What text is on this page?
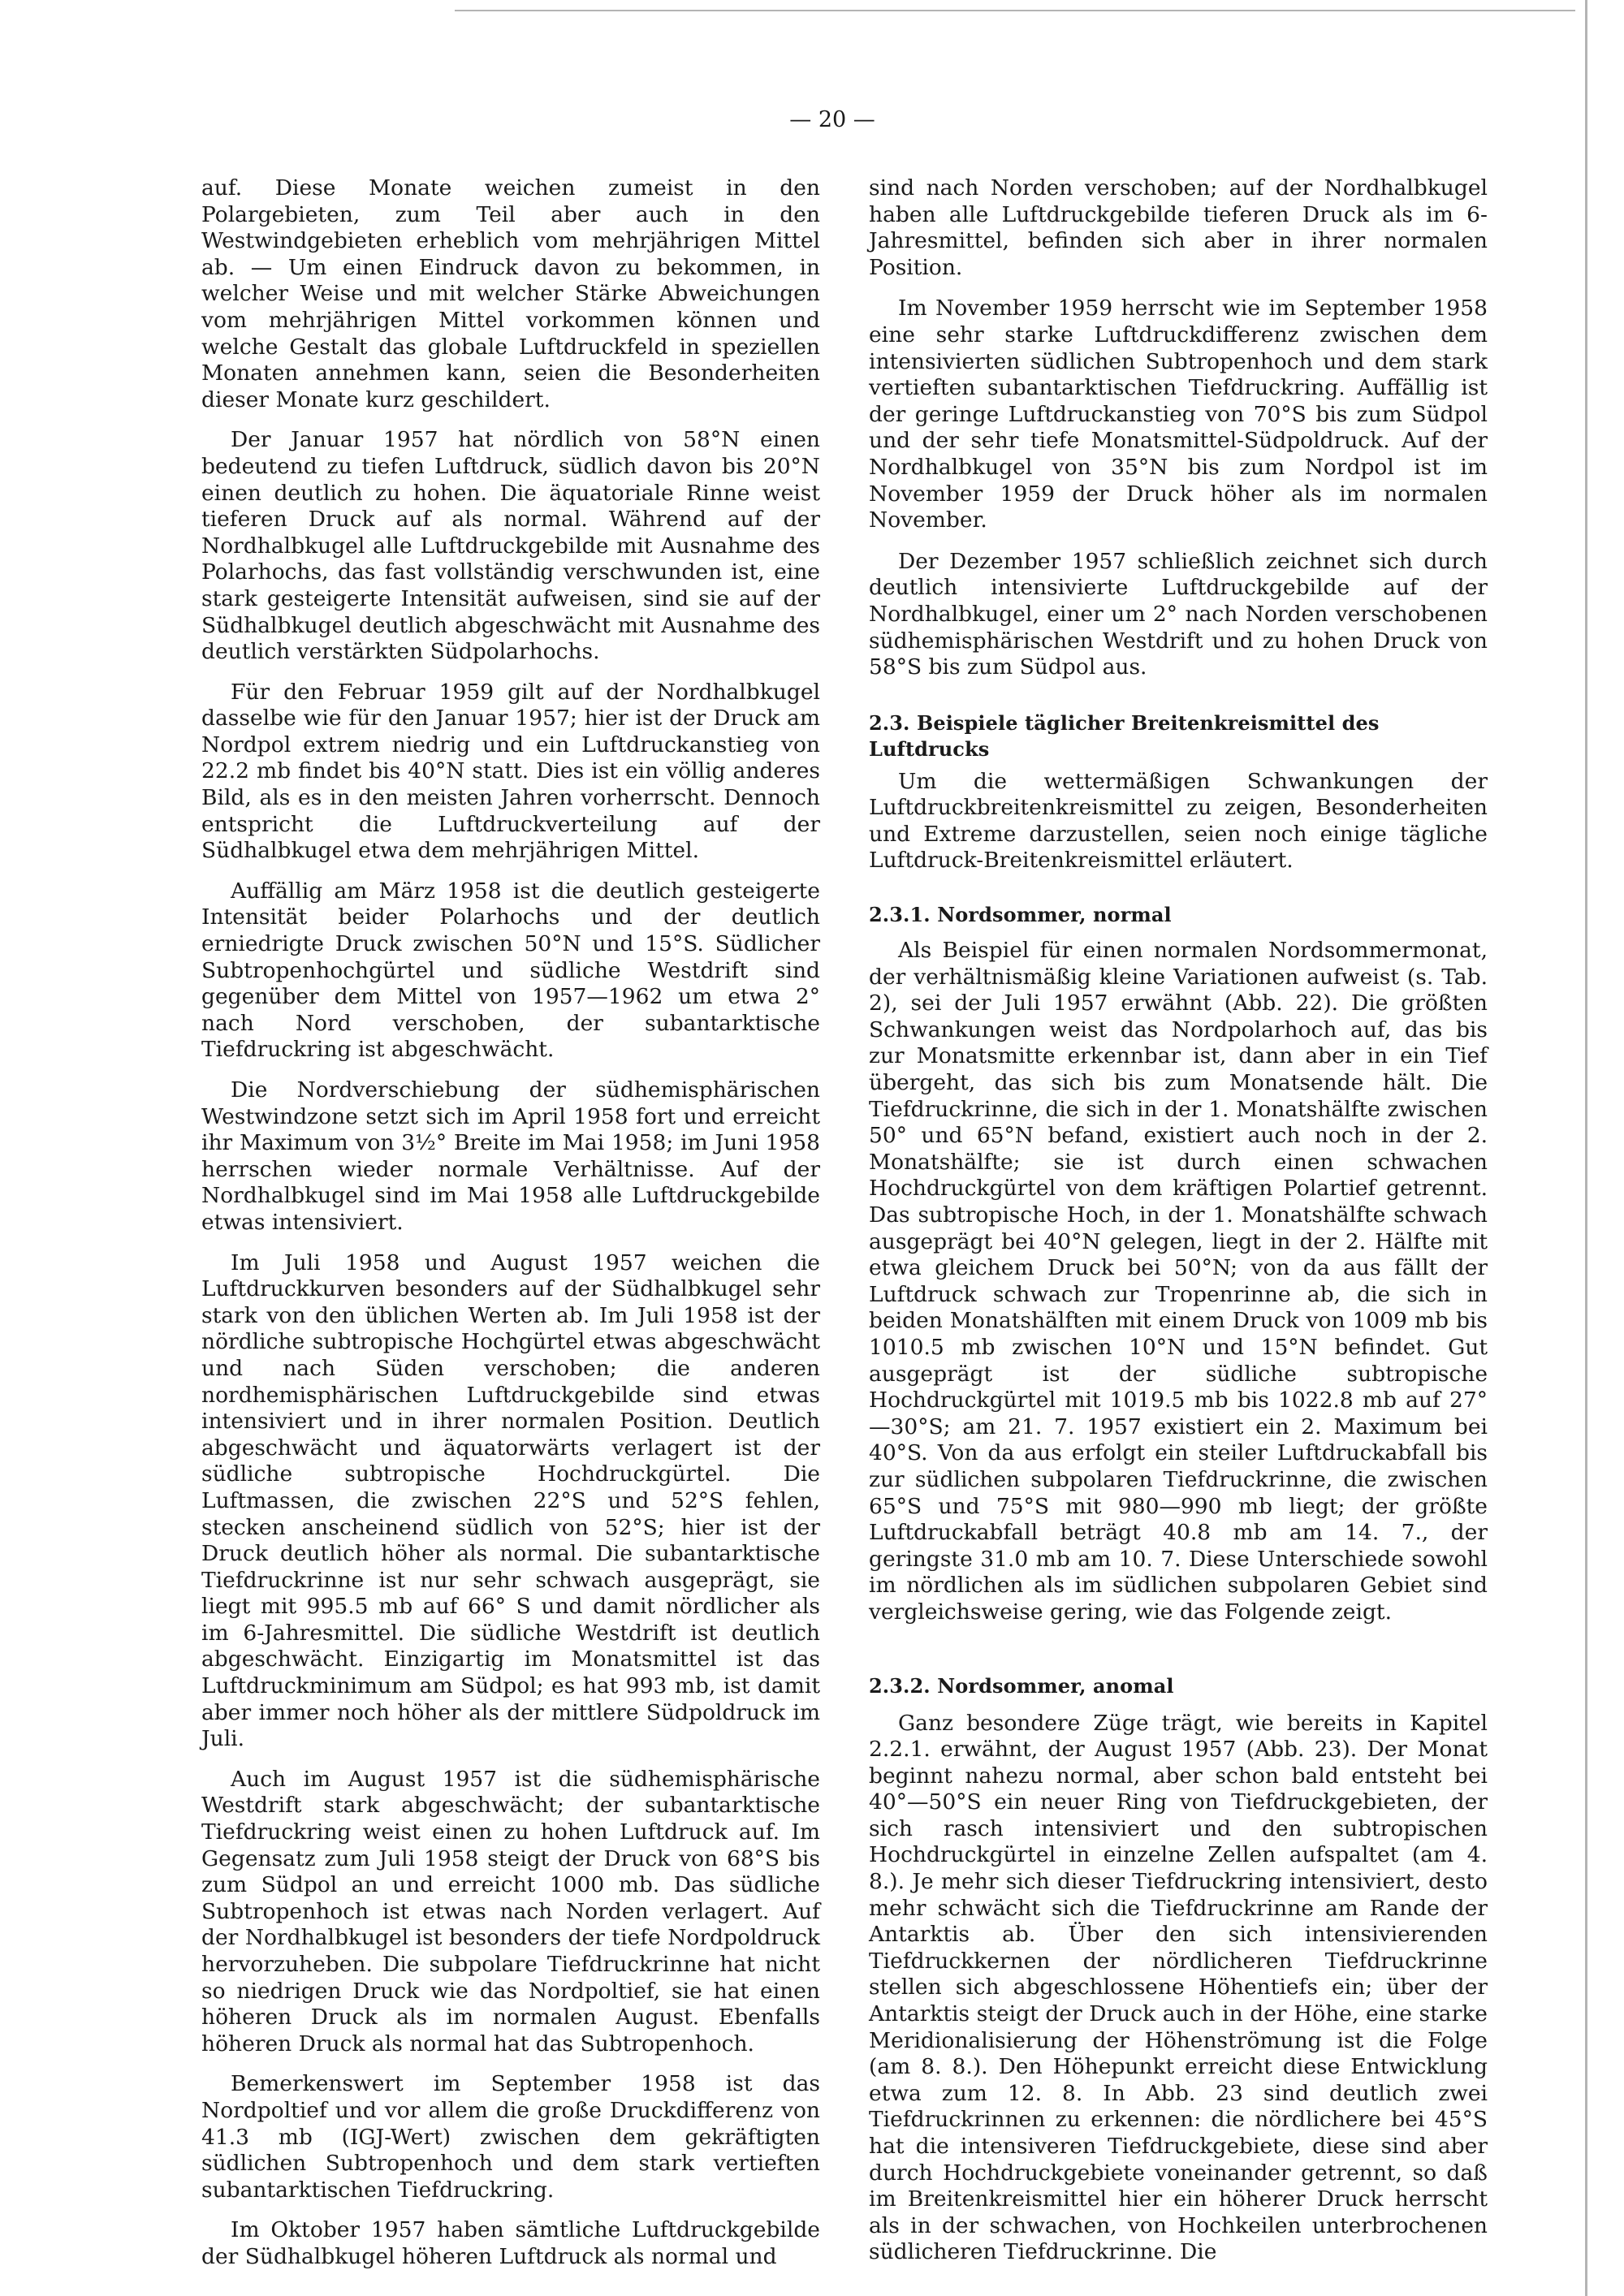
— 20 —

auf. Diese Monate weichen zumeist in den Polargebieten, zum Teil aber auch in den Westwindgebieten erheblich vom mehrjährigen Mittel ab. — Um einen Eindruck davon zu bekommen, in welcher Weise und mit welcher Stärke Abweichungen vom mehrjährigen Mittel vorkommen können und welche Gestalt das globale Luftdruckfeld in speziellen Monaten annehmen kann, seien die Besonderheiten dieser Monate kurz geschildert.

Der Januar 1957 hat nördlich von 58°N einen bedeutend zu tiefen Luftdruck, südlich davon bis 20°N einen deutlich zu hohen. Die äquatoriale Rinne weist tieferen Druck auf als normal. Während auf der Nordhalbkugel alle Luftdruckgebilde mit Ausnahme des Polarhochs, das fast vollständig verschwunden ist, eine stark gesteigerte Intensität aufweisen, sind sie auf der Südhalbkugel deutlich abgeschwächt mit Ausnahme des deutlich verstärkten Südpolarhochs.

Für den Februar 1959 gilt auf der Nordhalbkugel dasselbe wie für den Januar 1957; hier ist der Druck am Nordpol extrem niedrig und ein Luftdruckanstieg von 22.2 mb findet bis 40°N statt. Dies ist ein völlig anderes Bild, als es in den meisten Jahren vorherrscht. Dennoch entspricht die Luftdruckverteilung auf der Südhalbkugel etwa dem mehrjährigen Mittel.

Auffällig am März 1958 ist die deutlich gesteigerte Intensität beider Polarhochs und der deutlich erniedrigte Druck zwischen 50°N und 15°S. Südlicher Subtropenhochgürtel und südliche Westdrift sind gegenüber dem Mittel von 1957—1962 um etwa 2° nach Nord verschoben, der subantarktische Tiefdruckring ist abgeschwächt.

Die Nordverschiebung der südhemisphärischen Westwindzone setzt sich im April 1958 fort und erreicht ihr Maximum von 3½° Breite im Mai 1958; im Juni 1958 herrschen wieder normale Verhältnisse. Auf der Nordhalbkugel sind im Mai 1958 alle Luftdruckgebilde etwas intensiviert.

Im Juli 1958 und August 1957 weichen die Luftdruckkurven besonders auf der Südhalbkugel sehr stark von den üblichen Werten ab. Im Juli 1958 ist der nördliche subtropische Hochgürtel etwas abgeschwächt und nach Süden verschoben; die anderen nordhemisphärischen Luftdruckgebilde sind etwas intensiviert und in ihrer normalen Position. Deutlich abgeschwächt und äquatorwärts verlagert ist der südliche subtropische Hochdruckgürtel. Die Luftmassen, die zwischen 22°S und 52°S fehlen, stecken anscheinend südlich von 52°S; hier ist der Druck deutlich höher als normal. Die subantarktische Tiefdruckrinne ist nur sehr schwach ausgeprägt, sie liegt mit 995.5 mb auf 66° S und damit nördlicher als im 6-Jahresmittel. Die südliche Westdrift ist deutlich abgeschwächt. Einzigartig im Monatsmittel ist das Luftdruckminimum am Südpol; es hat 993 mb, ist damit aber immer noch höher als der mittlere Südpoldruck im Juli.

Auch im August 1957 ist die südhemisphärische Westdrift stark abgeschwächt; der subantarktische Tiefdruckring weist einen zu hohen Luftdruck auf. Im Gegensatz zum Juli 1958 steigt der Druck von 68°S bis zum Südpol an und erreicht 1000 mb. Das südliche Subtropenhoch ist etwas nach Norden verlagert. Auf der Nordhalbkugel ist besonders der tiefe Nordpoldruck hervorzuheben. Die subpolare Tiefdruckrinne hat nicht so niedrigen Druck wie das Nordpoltief, sie hat einen höheren Druck als im normalen August. Ebenfalls höheren Druck als normal hat das Subtropenhoch.

Bemerkenswert im September 1958 ist das Nordpoltief und vor allem die große Druckdifferenz von 41.3 mb (IGJ-Wert) zwischen dem gekräftigten südlichen Subtropenhoch und dem stark vertieften subantarktischen Tiefdruckring.

Im Oktober 1957 haben sämtliche Luftdruckgebilde der Südhalbkugel höheren Luftdruck als normal und

sind nach Norden verschoben; auf der Nordhalbkugel haben alle Luftdruckgebilde tieferen Druck als im 6-Jahresmittel, befinden sich aber in ihrer normalen Position.

Im November 1959 herrscht wie im September 1958 eine sehr starke Luftdruckdifferenz zwischen dem intensivierten südlichen Subtropenhoch und dem stark vertieften subantarktischen Tiefdruckring. Auffällig ist der geringe Luftdruckanstieg von 70°S bis zum Südpol und der sehr tiefe Monatsmittel-Südpoldruck. Auf der Nordhalbkugel von 35°N bis zum Nordpol ist im November 1959 der Druck höher als im normalen November.

Der Dezember 1957 schließlich zeichnet sich durch deutlich intensivierte Luftdruckgebilde auf der Nordhalbkugel, einer um 2° nach Norden verschobenen südhemisphärischen Westdrift und zu hohen Druck von 58°S bis zum Südpol aus.

2.3. Beispiele täglicher Breitenkreismittel des Luftdrucks

Um die wettermäßigen Schwankungen der Luftdruckbreitenkreismittel zu zeigen, Besonderheiten und Extreme darzustellen, seien noch einige tägliche Luftdruck-Breitenkreismittel erläutert.

2.3.1. Nordsommer, normal

Als Beispiel für einen normalen Nordsommermonat, der verhältnismäßig kleine Variationen aufweist (s. Tab. 2), sei der Juli 1957 erwähnt (Abb. 22). Die größten Schwankungen weist das Nordpolarhoch auf, das bis zur Monatsmitte erkennbar ist, dann aber in ein Tief übergeht, das sich bis zum Monatsende hält. Die Tiefdruckrinne, die sich in der 1. Monatshälfte zwischen 50° und 65°N befand, existiert auch noch in der 2. Monatshälfte; sie ist durch einen schwachen Hochdruckgürtel von dem kräftigen Polartief getrennt. Das subtropische Hoch, in der 1. Monatshälfte schwach ausgeprägt bei 40°N gelegen, liegt in der 2. Hälfte mit etwa gleichem Druck bei 50°N; von da aus fällt der Luftdruck schwach zur Tropenrinne ab, die sich in beiden Monatshälften mit einem Druck von 1009 mb bis 1010.5 mb zwischen 10°N und 15°N befindet. Gut ausgeprägt ist der südliche subtropische Hochdruckgürtel mit 1019.5 mb bis 1022.8 mb auf 27°—30°S; am 21. 7. 1957 existiert ein 2. Maximum bei 40°S. Von da aus erfolgt ein steiler Luftdruckabfall bis zur südlichen subpolaren Tiefdruckrinne, die zwischen 65°S und 75°S mit 980—990 mb liegt; der größte Luftdruckabfall beträgt 40.8 mb am 14. 7., der geringste 31.0 mb am 10. 7. Diese Unterschiede sowohl im nördlichen als im südlichen subpolaren Gebiet sind vergleichsweise gering, wie das Folgende zeigt.

2.3.2. Nordsommer, anomal

Ganz besondere Züge trägt, wie bereits in Kapitel 2.2.1. erwähnt, der August 1957 (Abb. 23). Der Monat beginnt nahezu normal, aber schon bald entsteht bei 40°—50°S ein neuer Ring von Tiefdruckgebieten, der sich rasch intensiviert und den subtropischen Hochdruckgürtel in einzelne Zellen aufspaltet (am 4. 8.). Je mehr sich dieser Tiefdruckring intensiviert, desto mehr schwächt sich die Tiefdruckrinne am Rande der Antarktis ab. Über den sich intensivierenden Tiefdruckkernen der nördlicheren Tiefdruckrinne stellen sich abgeschlossene Höhentiefs ein; über der Antarktis steigt der Druck auch in der Höhe, eine starke Meridionalisierung der Höhenströmung ist die Folge (am 8. 8.). Den Höhepunkt erreicht diese Entwicklung etwa zum 12. 8. In Abb. 23 sind deutlich zwei Tiefdruckrinnen zu erkennen: die nördlichere bei 45°S hat die intensiveren Tiefdruckgebiete, diese sind aber durch Hochdruckgebiete voneinander getrennt, so daß im Breitenkreismittel hier ein höherer Druck herrscht als in der schwachen, von Hochkeilen unterbrochenen südlicheren Tiefdruckrinne. Die
